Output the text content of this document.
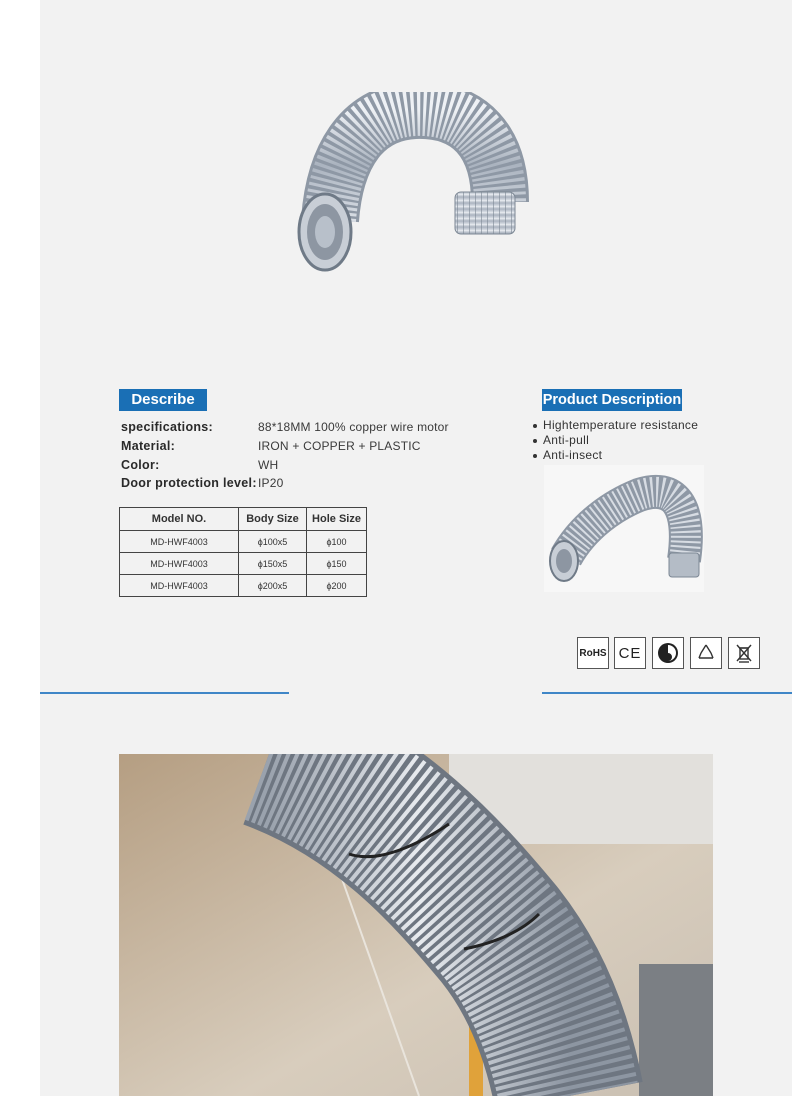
Describe
specifications:	88*18MM 100% copper wire motor
Material:	IRON + COPPER + PLASTIC
Color:	WH
Door protection level: IP20
Model NO.	Body Size	Hole Size
MD-HWF4003	ϕ100x5	ϕ100
MD-HWF4003	ϕ150x5	ϕ150
MD-HWF4003	ϕ200x5	ϕ200
Product Description
Hightemperature resistance
Anti-pull
Anti-insect
RoHS CE
